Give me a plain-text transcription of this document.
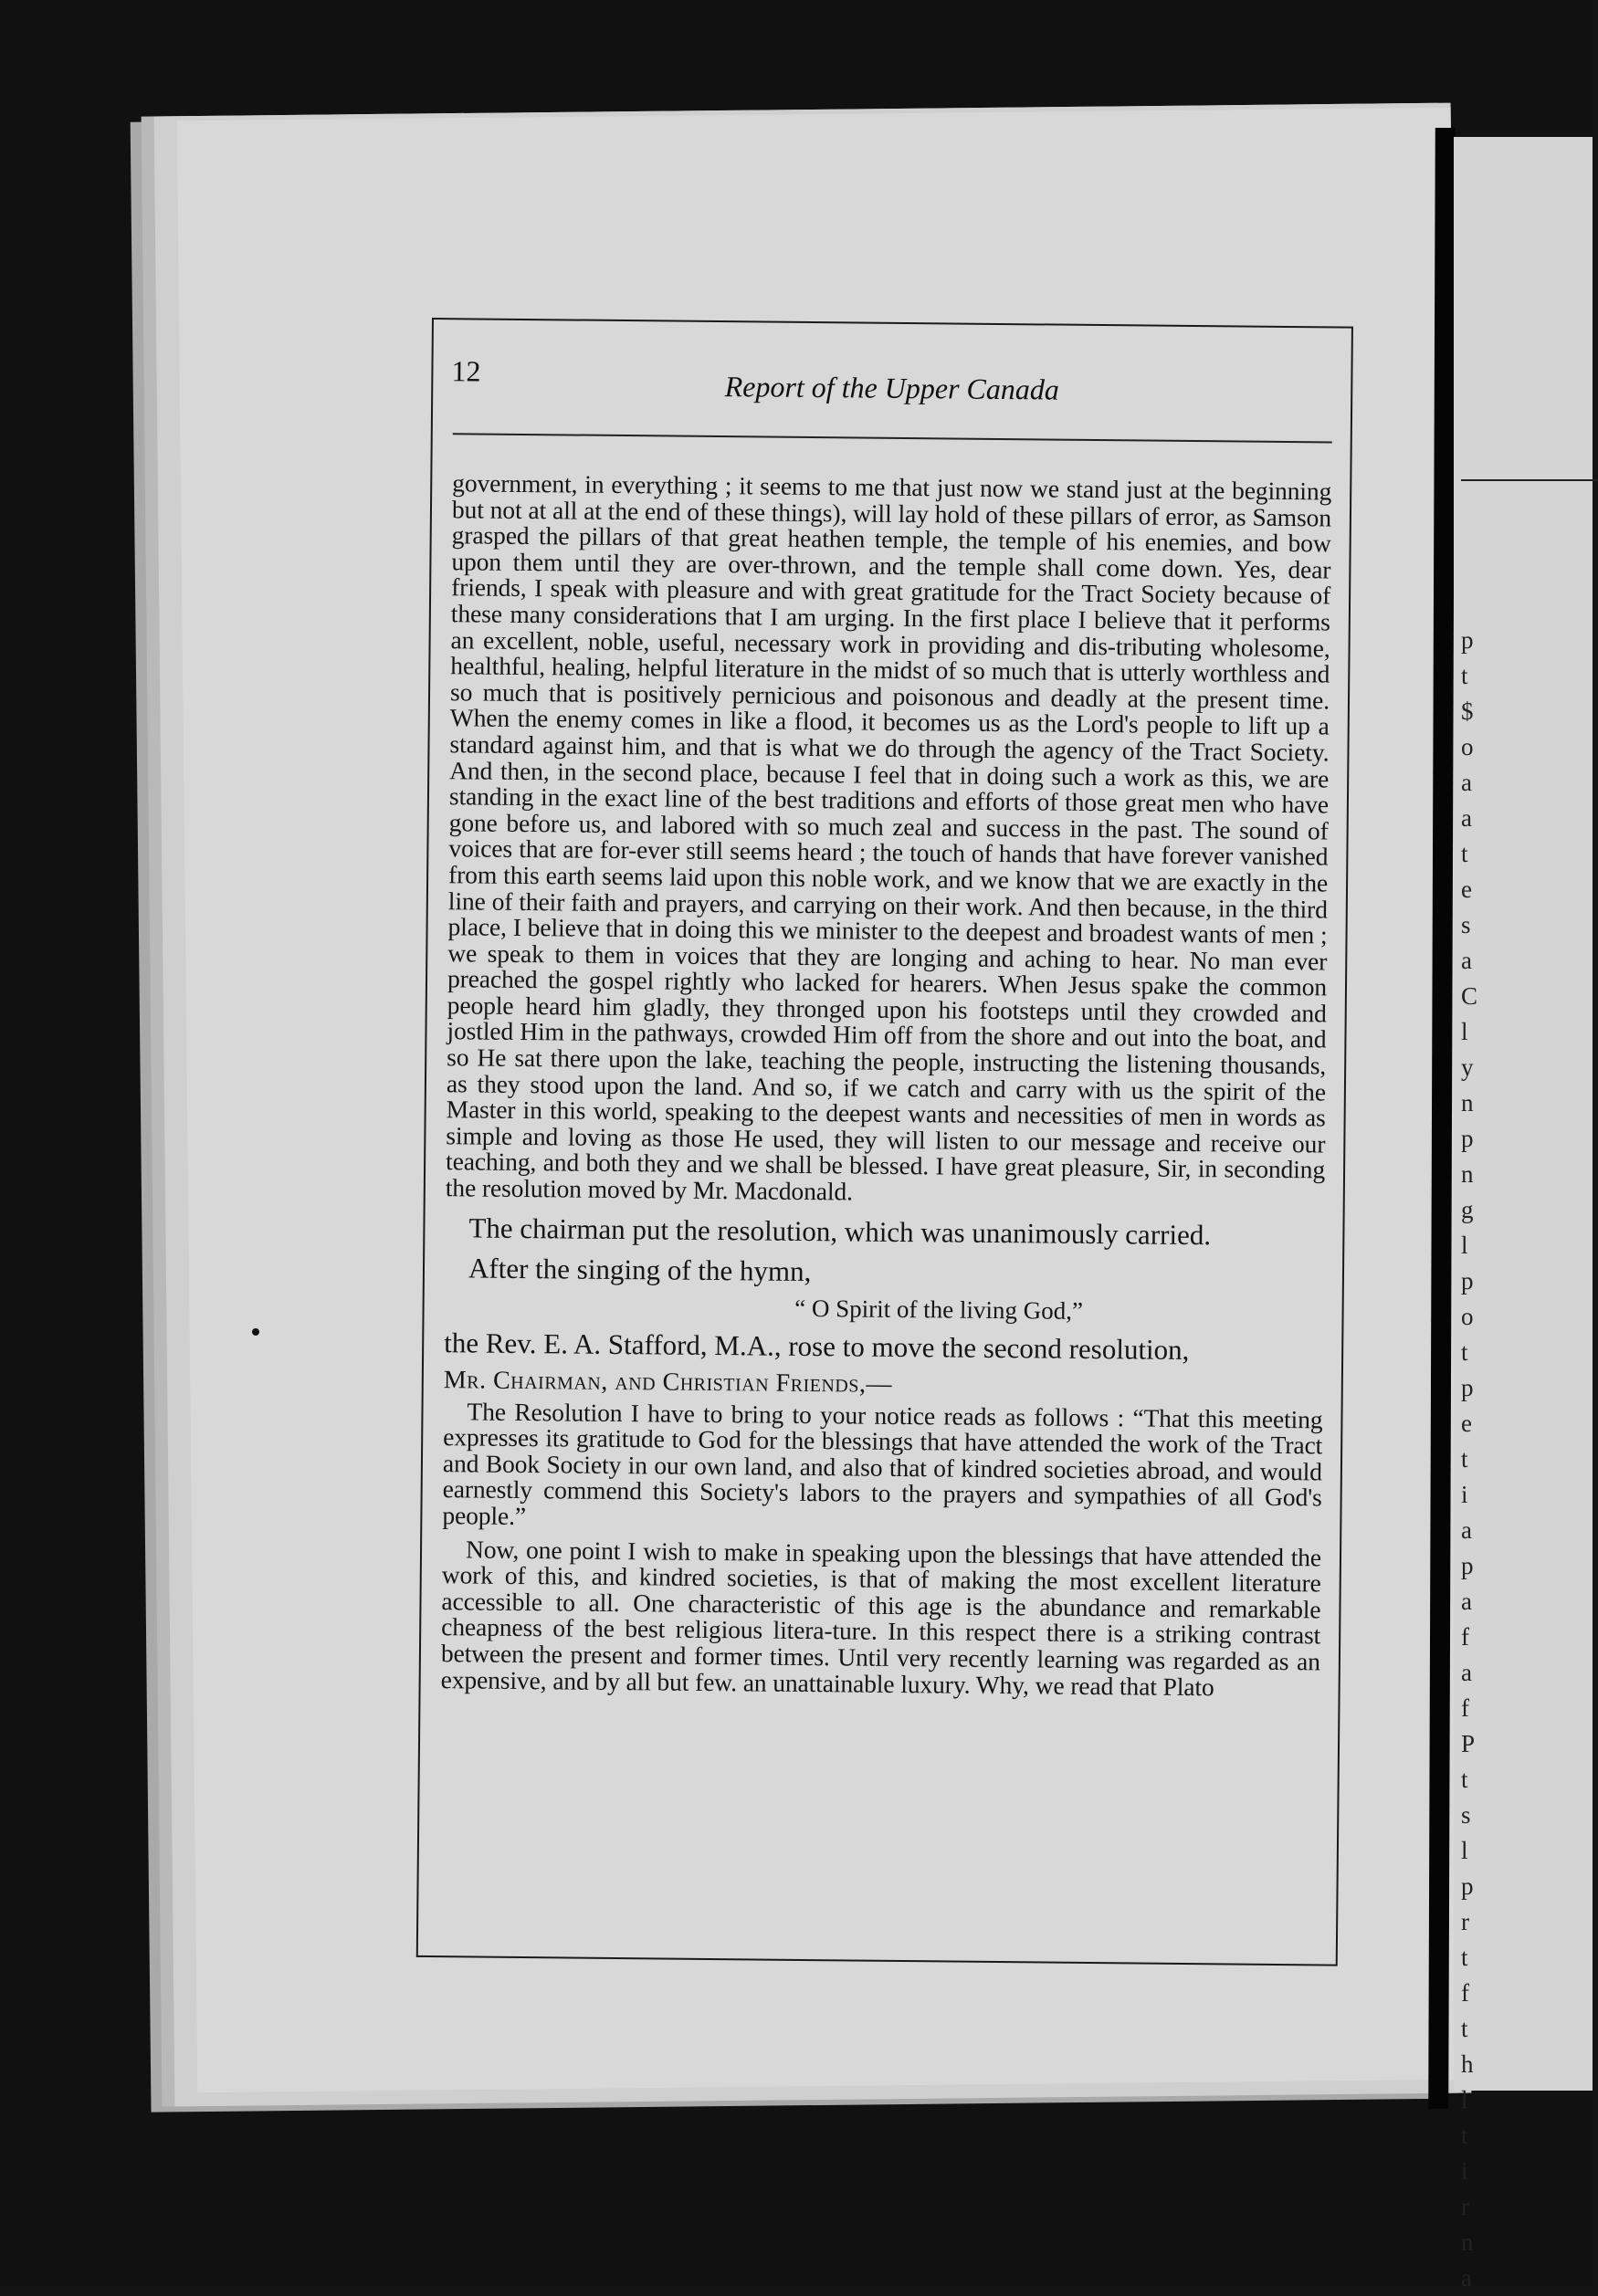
p
t
$
o
a
a
t
e
s
a
C
l
y
n
p
n
g
l
p
o
t
p
e
t
i
a
p
a
f
a
f
P
t
s
l
p
r
t
f
t
h
l
t
i
r
n
a
12	Report of the Upper Canada

government, in everything ; it seems to me that just now we stand just at the beginning but not at all at the end of these things), will lay hold of these pillars of error, as Samson grasped the pillars of that great heathen temple, the temple of his enemies, and bow upon them until they are over-thrown, and the temple shall come down. Yes, dear friends, I speak with pleasure and with great gratitude for the Tract Society because of these many considerations that I am urging. In the first place I believe that it performs an excellent, noble, useful, necessary work in providing and dis-tributing wholesome, healthful, healing, helpful literature in the midst of so much that is utterly worthless and so much that is positively pernicious and poisonous and deadly at the present time. When the enemy comes in like a flood, it becomes us as the Lord's people to lift up a standard against him, and that is what we do through the agency of the Tract Society. And then, in the second place, because I feel that in doing such a work as this, we are standing in the exact line of the best traditions and efforts of those great men who have gone before us, and labored with so much zeal and success in the past. The sound of voices that are for-ever still seems heard ; the touch of hands that have forever vanished from this earth seems laid upon this noble work, and we know that we are exactly in the line of their faith and prayers, and carrying on their work. And then because, in the third place, I believe that in doing this we minister to the deepest and broadest wants of men ; we speak to them in voices that they are longing and aching to hear. No man ever preached the gospel rightly who lacked for hearers. When Jesus spake the common people heard him gladly, they thronged upon his footsteps until they crowded and jostled Him in the pathways, crowded Him off from the shore and out into the boat, and so He sat there upon the lake, teaching the people, instructing the listening thousands, as they stood upon the land. And so, if we catch and carry with us the spirit of the Master in this world, speaking to the deepest wants and necessities of men in words as simple and loving as those He used, they will listen to our message and receive our teaching, and both they and we shall be blessed. I have great pleasure, Sir, in seconding the resolution moved by Mr. Macdonald.

The chairman put the resolution, which was unanimously carried.

After the singing of the hymn,

“ O Spirit of the living God,”

the Rev. E. A. Stafford, M.A., rose to move the second resolution,

Mr. Chairman, and Christian Friends,—

The Resolution I have to bring to your notice reads as follows : “That this meeting expresses its gratitude to God for the blessings that have attended the work of the Tract and Book Society in our own land, and also that of kindred societies abroad, and would earnestly commend this Society's labors to the prayers and sympathies of all God's people.”

Now, one point I wish to make in speaking upon the blessings that have attended the work of this, and kindred societies, is that of making the most excellent literature accessible to all. One characteristic of this age is the abundance and remarkable cheapness of the best religious litera-ture. In this respect there is a striking contrast between the present and former times. Until very recently learning was regarded as an expensive, and by all but few. an unattainable luxury. Why, we read that Plato
